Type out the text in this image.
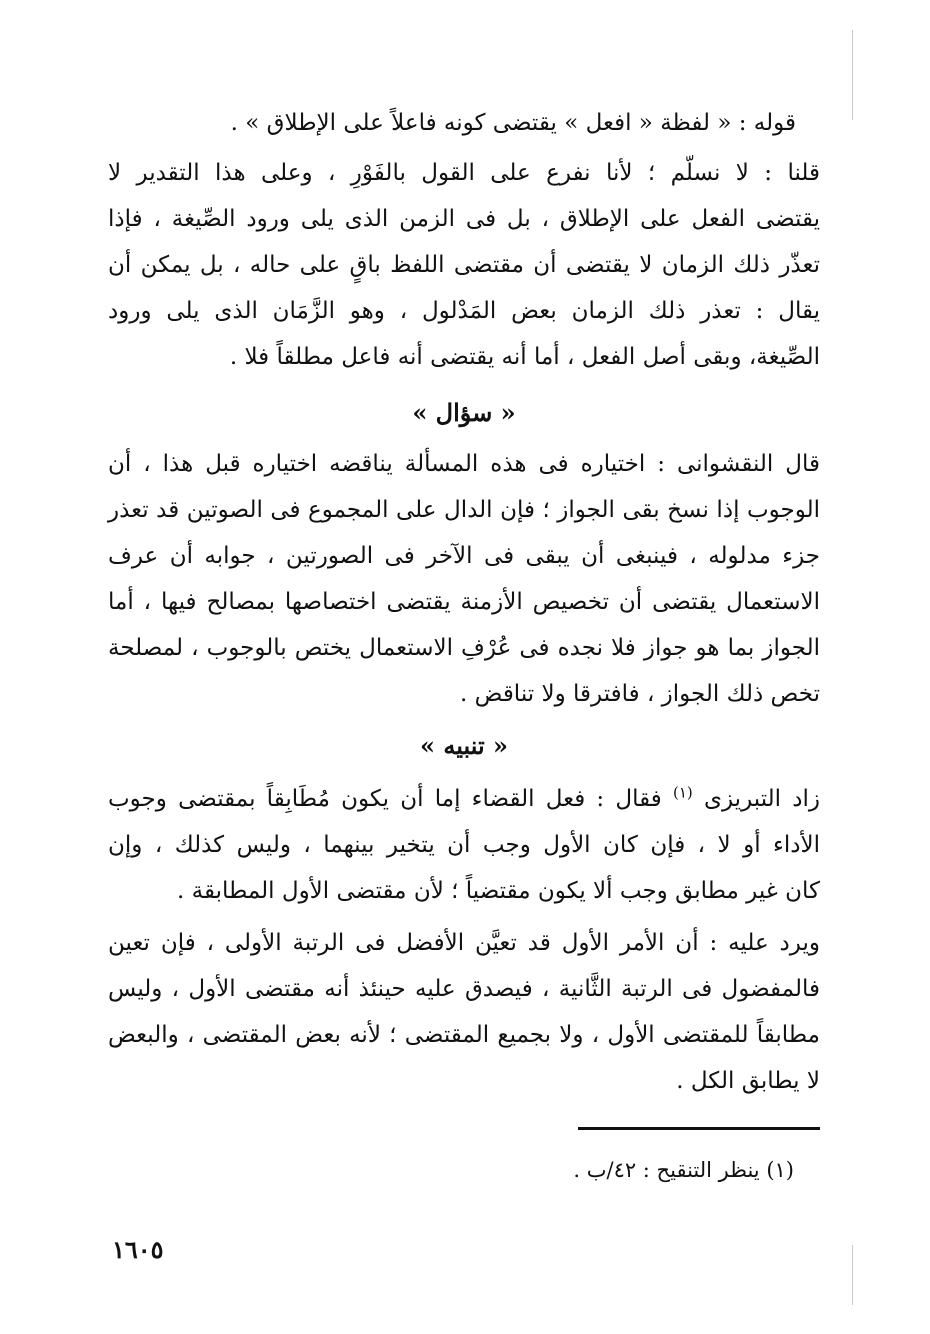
قوله : « لفظة « افعل » يقتضى كونه فاعلاً على الإطلاق » .

قلنا : لا نسلّم ؛ لأنا نفرع على القول بالفَوْرِ ، وعلى هذا التقدير لا
يقتضى الفعل على الإطلاق ، بل فى الزمن الذى يلى ورود الصِّيغة ، فإذا
تعذّر ذلك الزمان لا يقتضى أن مقتضى اللفظ باقٍ على حاله ، بل يمكن أن
يقال : تعذر ذلك الزمان بعض المَدْلول ، وهو الزَّمَان الذى يلى ورود
الصِّيغة، وبقى أصل الفعل ، أما أنه يقتضى أنه فاعل مطلقاً فلا .

« سؤال »

قال النقشوانى : اختياره فى هذه المسألة يناقضه اختياره قبل هذا ، أن
الوجوب إذا نسخ بقى الجواز ؛ فإن الدال على المجموع فى الصوتين قد تعذر
جزء مدلوله ، فينبغى أن يبقى فى الآخر فى الصورتين ، جوابه أن عرف
الاستعمال يقتضى أن تخصيص الأزمنة يقتضى اختصاصها بمصالح فيها ، أما
الجواز بما هو جواز فلا نجده فى عُرْفِ الاستعمال يختص بالوجوب ، لمصلحة
تخص ذلك الجواز ، فافترقا ولا تناقض .

« تنبيه »

زاد التبريزى $^{(١)}$ فقال : فعل القضاء إما أن يكون مُطَابِقاً بمقتضى وجوب
الأداء أو لا ، فإن كان الأول وجب أن يتخير بينهما ، وليس كذلك ، وإن
كان غير مطابق وجب ألا يكون مقتضياً ؛ لأن مقتضى الأول المطابقة .

ويرد عليه : أن الأمر الأول قد تعيَّن الأفضل فى الرتبة الأولى ، فإن تعين
فالمفضول فى الرتبة الثَّانية ، فيصدق عليه حينئذ أنه مقتضى الأول ، وليس
مطابقاً للمقتضى الأول ، ولا بجميع المقتضى ؛ لأنه بعض المقتضى ، والبعض
لا يطابق الكل .

(١) ينظر التنقيح : ٤٢/ب .
١٦٠٥
